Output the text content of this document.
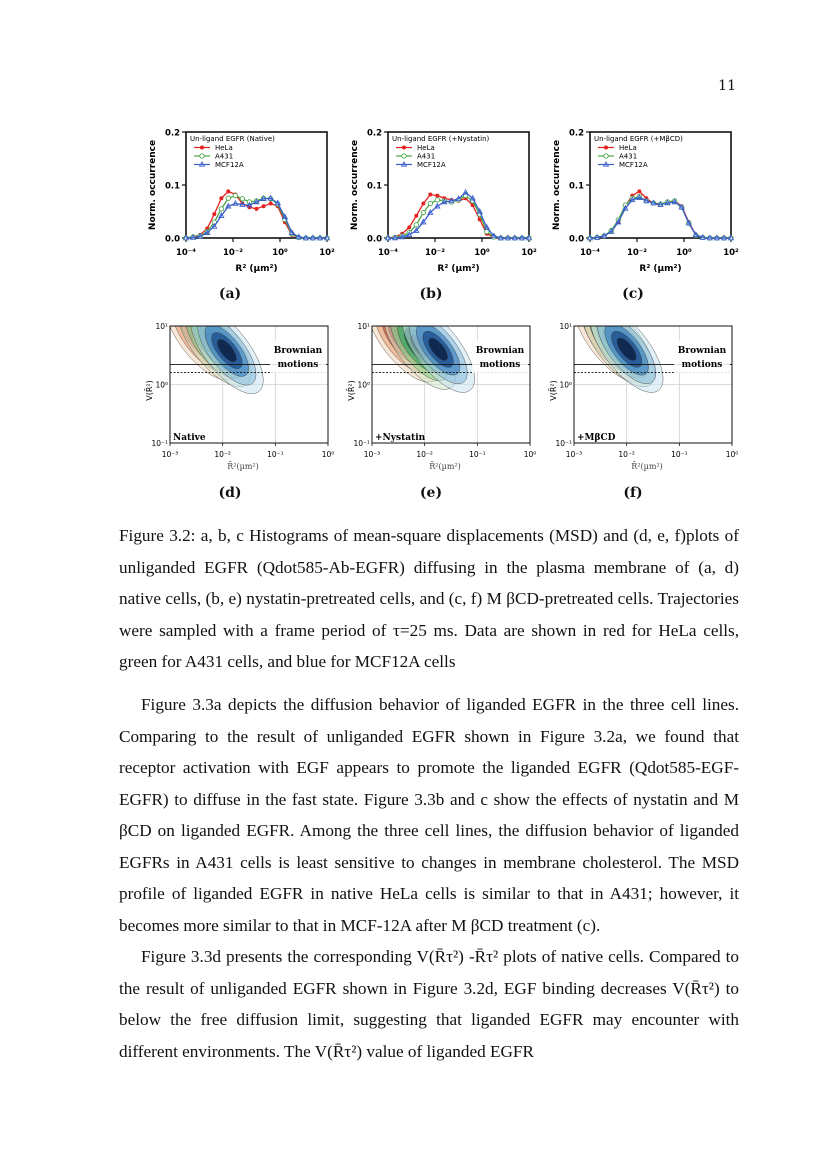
11
0.0
0.1
0.2
10⁻⁴	10⁻²	10⁰	10²
R² (µm²)
Norm. occurrence
Un-ligand EGFR (Native)
HeLa
A431
MCF12A
0.0
0.1
0.2
10⁻⁴	10⁻²	10⁰	10²
R² (µm²)
Norm. occurrence
Un-ligand EGFR (+Nystatin)
HeLa
A431
MCF12A
0.0
0.1
0.2
10⁻⁴	10⁻²	10⁰	10²
R² (µm²)
Norm. occurrence
Un-ligand EGFR (+MβCD)
HeLa
A431
MCF12A
(a)	(b)	(c)
Brownian
motions
Native
10⁻¹
10⁰
10¹
10⁻³	10⁻²	10⁻¹	10⁰
R̄²(µm²)
V(R̄²)
Brownian
motions
+Nystatin
10⁻¹
10⁰
10¹
10⁻³	10⁻²	10⁻¹	10⁰
R̄²(µm²)
V(R̄²)
Brownian
motions
+MβCD
10⁻¹
10⁰
10¹
10⁻³	10⁻²	10⁻¹	10⁰
R̄²(µm²)
V(R̄²)
(d)	(e)	(f)
Figure 3.2: a, b, c Histograms of mean-square displacements (MSD) and (d, e, f)plots of unliganded EGFR (Qdot585-Ab-EGFR) diffusing in the plasma membrane of (a, d) native cells, (b, e) nystatin-pretreated cells, and (c, f) M βCD-pretreated cells. Trajectories were sampled with a frame period of τ=25 ms. Data are shown in red for HeLa cells, green for A431 cells, and blue for MCF12A cells

Figure 3.3a depicts the diffusion behavior of liganded EGFR in the three cell lines. Comparing to the result of unliganded EGFR shown in Figure 3.2a, we found that receptor activation with EGF appears to promote the liganded EGFR (Qdot585-EGF-EGFR) to diffuse in the fast state. Figure 3.3b and c show the effects of nystatin and M βCD on liganded EGFR. Among the three cell lines, the diffusion behavior of liganded EGFRs in A431 cells is least sensitive to changes in membrane cholesterol. The MSD profile of liganded EGFR in native HeLa cells is similar to that in A431; however, it becomes more similar to that in MCF-12A after M βCD treatment (c).

Figure 3.3d presents the corresponding V(R̄τ²) -R̄τ² plots of native cells. Compared to the result of unliganded EGFR shown in Figure 3.2d, EGF binding decreases V(R̄τ²) to below the free diffusion limit, suggesting that liganded EGFR may encounter with different environments. The V(R̄τ²) value of liganded EGFR
